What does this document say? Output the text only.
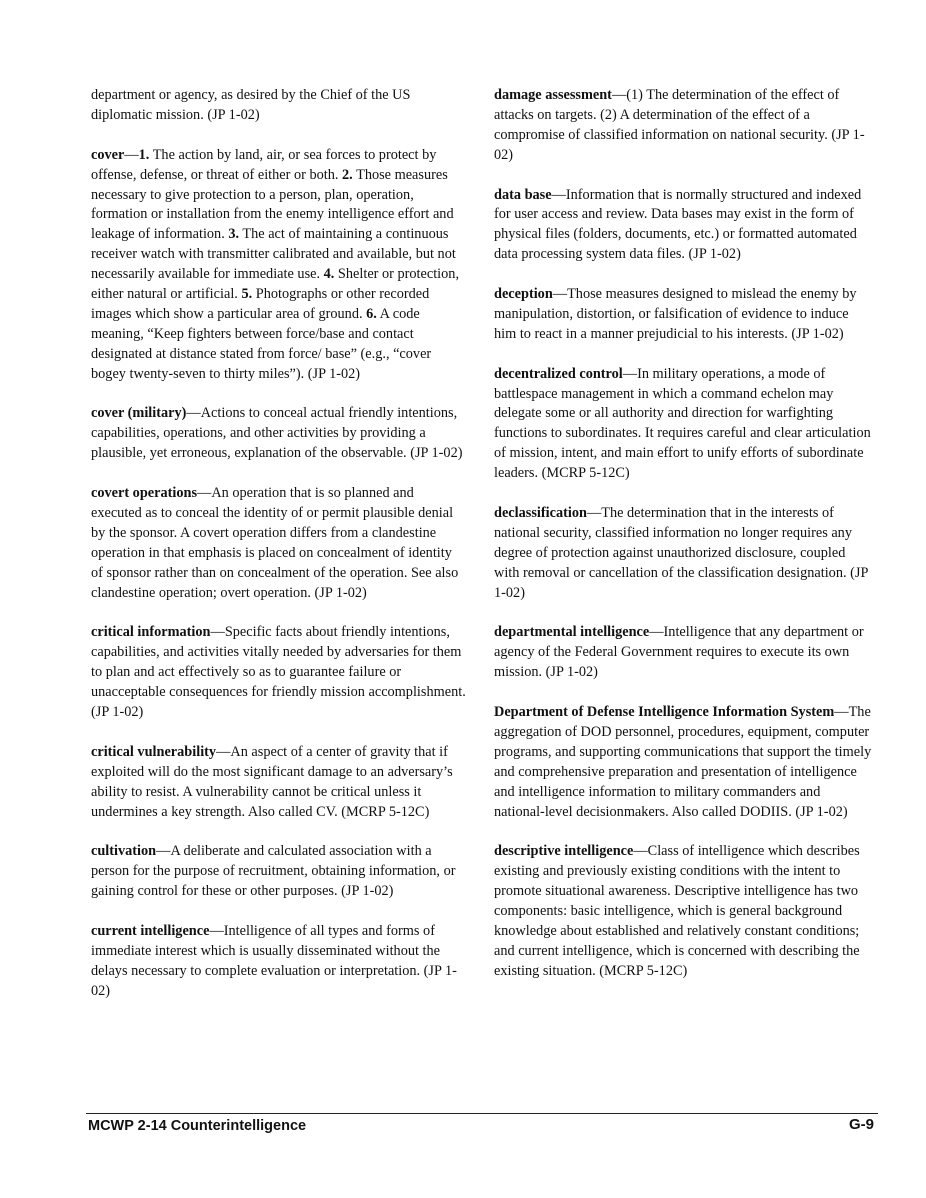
department or agency, as desired by the Chief of the US diplomatic mission. (JP 1-02)

cover—1. The action by land, air, or sea forces to protect by offense, defense, or threat of either or both. 2. Those measures necessary to give protection to a person, plan, operation, formation or installation from the enemy intelligence effort and leakage of information. 3. The act of maintaining a continuous receiver watch with transmitter calibrated and available, but not necessarily available for immediate use. 4. Shelter or protection, either natural or artificial. 5. Photographs or other recorded images which show a particular area of ground. 6. A code meaning, “Keep fighters between force/base and contact designated at distance stated from force/ base” (e.g., “cover bogey twenty-seven to thirty miles”). (JP 1-02)

cover (military)—Actions to conceal actual friendly intentions, capabilities, operations, and other activities by providing a plausible, yet erroneous, explanation of the observable. (JP 1-02)

covert operations—An operation that is so planned and executed as to conceal the identity of or permit plausible denial by the sponsor. A covert operation differs from a clandestine operation in that emphasis is placed on concealment of identity of sponsor rather than on concealment of the operation. See also clandestine operation; overt operation. (JP 1-02)

critical information—Specific facts about friendly intentions, capabilities, and activities vitally needed by adversaries for them to plan and act effectively so as to guarantee failure or unacceptable consequences for friendly mission accomplishment. (JP 1-02)

critical vulnerability—An aspect of a center of gravity that if exploited will do the most significant damage to an adversary’s ability to resist. A vulnerability cannot be critical unless it undermines a key strength. Also called CV. (MCRP 5-12C)

cultivation—A deliberate and calculated association with a person for the purpose of recruitment, obtaining information, or gaining control for these or other purposes. (JP 1-02)

current intelligence—Intelligence of all types and forms of immediate interest which is usually disseminated without the delays necessary to complete evaluation or interpretation. (JP 1-02)

damage assessment—(1) The determination of the effect of attacks on targets. (2) A determination of the effect of a compromise of classified information on national security. (JP 1-02)

data base—Information that is normally structured and indexed for user access and review. Data bases may exist in the form of physical files (folders, documents, etc.) or formatted automated data processing system data files. (JP 1-02)

deception—Those measures designed to mislead the enemy by manipulation, distortion, or falsification of evidence to induce him to react in a manner prejudicial to his interests. (JP 1-02)

decentralized control—In military operations, a mode of battlespace management in which a command echelon may delegate some or all authority and direction for warfighting functions to subordinates. It requires careful and clear articulation of mission, intent, and main effort to unify efforts of subordinate leaders. (MCRP 5-12C)

declassification—The determination that in the interests of national security, classified information no longer requires any degree of protection against unauthorized disclosure, coupled with removal or cancellation of the classification designation. (JP 1-02)

departmental intelligence—Intelligence that any department or agency of the Federal Government requires to execute its own mission. (JP 1-02)

Department of Defense Intelligence Information System—The aggregation of DOD personnel, procedures, equipment, computer programs, and supporting communications that support the timely and comprehensive preparation and presentation of intelligence and intelligence information to military commanders and national-level decisionmakers. Also called DODIIS. (JP 1-02)

descriptive intelligence—Class of intelligence which describes existing and previously existing conditions with the intent to promote situational awareness. Descriptive intelligence has two components: basic intelligence, which is general background knowledge about established and relatively constant conditions; and current intelligence, which is concerned with describing the existing situation. (MCRP 5-12C)

MCWP 2-14 Counterintelligence	G-9
